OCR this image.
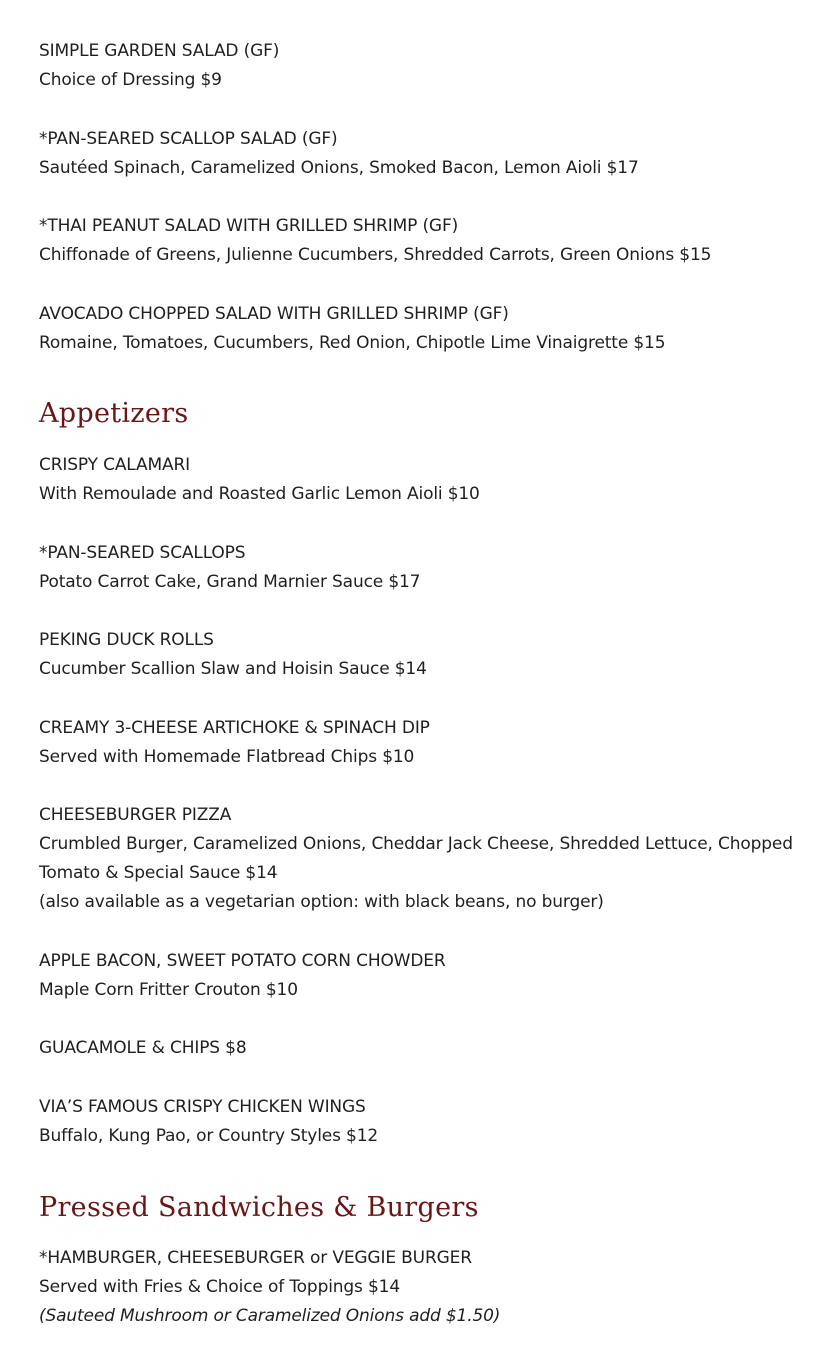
SIMPLE GARDEN SALAD (GF)
Choice of Dressing $9
*PAN-SEARED SCALLOP SALAD (GF)
Sautéed Spinach, Caramelized Onions, Smoked Bacon, Lemon Aioli $17
*THAI PEANUT SALAD WITH GRILLED SHRIMP (GF)
Chiffonade of Greens, Julienne Cucumbers, Shredded Carrots, Green Onions $15
AVOCADO CHOPPED SALAD WITH GRILLED SHRIMP (GF)
Romaine, Tomatoes, Cucumbers, Red Onion, Chipotle Lime Vinaigrette $15
Appetizers
CRISPY CALAMARI
With Remoulade and Roasted Garlic Lemon Aioli $10
*PAN-SEARED SCALLOPS
Potato Carrot Cake, Grand Marnier Sauce $17
PEKING DUCK ROLLS
Cucumber Scallion Slaw and Hoisin Sauce $14
CREAMY 3-CHEESE ARTICHOKE & SPINACH DIP
Served with Homemade Flatbread Chips $10
CHEESEBURGER PIZZA
Crumbled Burger, Caramelized Onions, Cheddar Jack Cheese, Shredded Lettuce, Chopped Tomato & Special Sauce $14
(also available as a vegetarian option: with black beans, no burger)
APPLE BACON, SWEET POTATO CORN CHOWDER
Maple Corn Fritter Crouton $10
GUACAMOLE & CHIPS $8
VIA’S FAMOUS CRISPY CHICKEN WINGS
Buffalo, Kung Pao, or Country Styles $12
Pressed Sandwiches & Burgers
*HAMBURGER, CHEESEBURGER or VEGGIE BURGER
Served with Fries & Choice of Toppings $14
(Sauteed Mushroom or Caramelized Onions add $1.50)
